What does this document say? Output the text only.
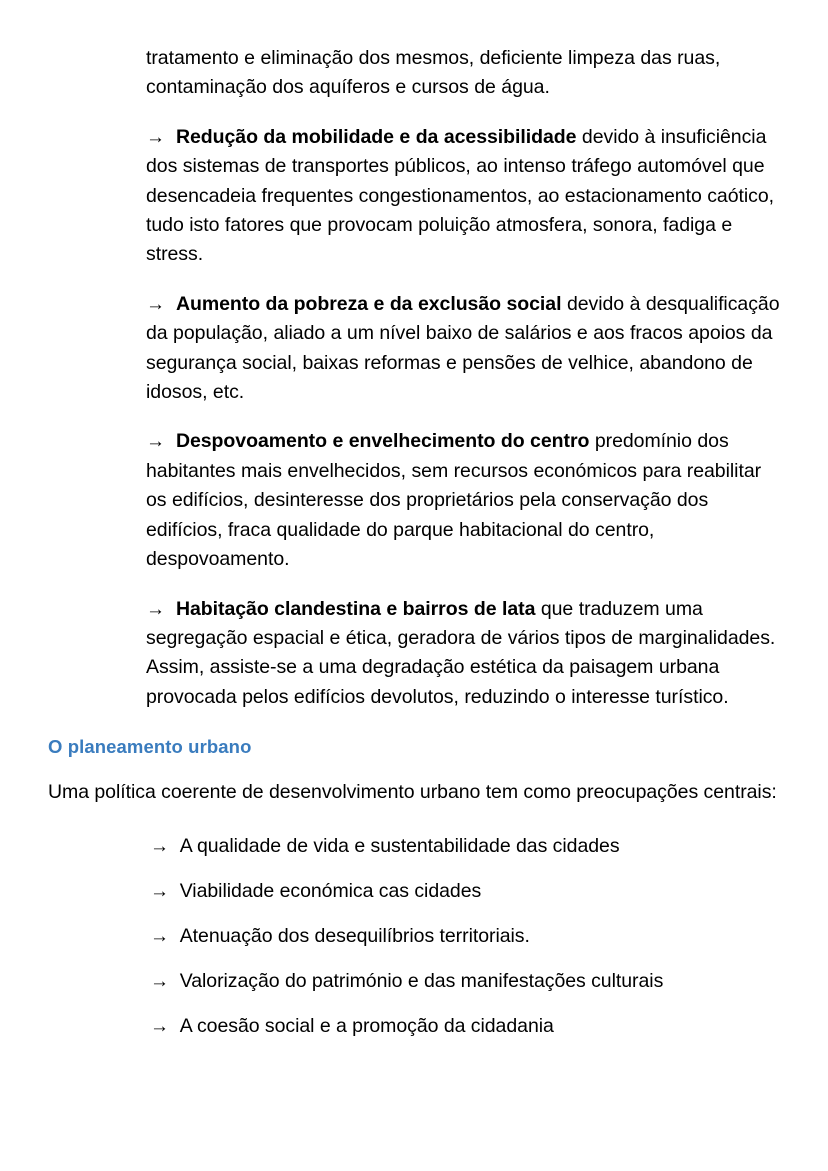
tratamento e eliminação dos mesmos, deficiente limpeza das ruas, contaminação dos aquíferos e cursos de água.

→ Redução da mobilidade e da acessibilidade devido à insuficiência dos sistemas de transportes públicos, ao intenso tráfego automóvel que desencadeia frequentes congestionamentos, ao estacionamento caótico, tudo isto fatores que provocam poluição atmosfera, sonora, fadiga e stress.

→ Aumento da pobreza e da exclusão social devido à desqualificação da população, aliado a um nível baixo de salários e aos fracos apoios da segurança social, baixas reformas e pensões de velhice, abandono de idosos, etc.

→ Despovoamento e envelhecimento do centro predomínio dos habitantes mais envelhecidos, sem recursos económicos para reabilitar os edifícios, desinteresse dos proprietários pela conservação dos edifícios, fraca qualidade do parque habitacional do centro, despovoamento.

→ Habitação clandestina e bairros de lata que traduzem uma segregação espacial e ética, geradora de vários tipos de marginalidades. Assim, assiste-se a uma degradação estética da paisagem urbana provocada pelos edifícios devolutos, reduzindo o interesse turístico.

O planeamento urbano

Uma política coerente de desenvolvimento urbano tem como preocupações centrais:

→ A qualidade de vida e sustentabilidade das cidades
→ Viabilidade económica cas cidades
→ Atenuação dos desequilíbrios territoriais.
→ Valorização do património e das manifestações culturais
→ A coesão social e a promoção da cidadania
